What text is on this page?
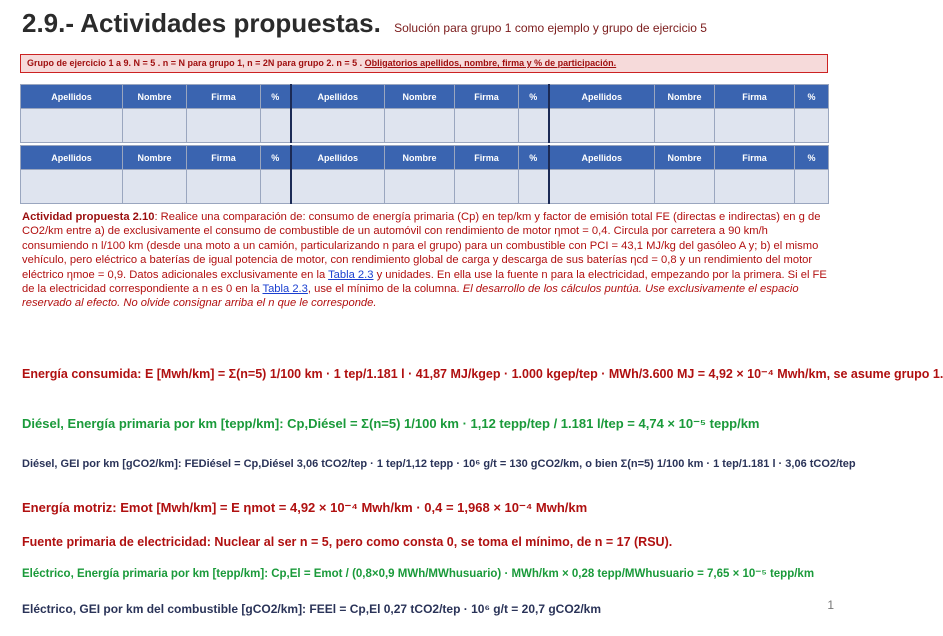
2.9.- Actividades propuestas. Solución para grupo 1 como ejemplo y grupo de ejercicio 5
Grupo de ejercicio 1 a 9. N = 5 . n = N para grupo 1, n = 2N para grupo 2. n = 5 . Obligatorios apellidos, nombre, firma y % de participación.
Apellidos	Nombre	Firma	%	Apellidos	Nombre	Firma	%	Apellidos	Nombre	Firma	%

Apellidos	Nombre	Firma	%	Apellidos	Nombre	Firma	%	Apellidos	Nombre	Firma	%

Actividad propuesta 2.10: Realice una comparación de: consumo de energía primaria (Cp) en tep/km y factor de emisión total FE (directas e indirectas) en g de CO2/km entre a) de exclusivamente el consumo de combustible de un automóvil con rendimiento de motor ηmot = 0,4. Circula por carretera a 90 km/h consumiendo n l/100 km (desde una moto a un camión, particularizando n para el grupo) para un combustible con PCI = 43,1 MJ/kg del gasóleo A y; b) el mismo vehículo, pero eléctrico a baterías de igual potencia de motor, con rendimiento global de carga y descarga de sus baterías ηcd = 0,8 y un rendimiento del motor eléctrico ηmoe = 0,9. Datos adicionales exclusivamente en la Tabla 2.3 y unidades. En ella use la fuente n para la electricidad, empezando por la primera. Si el FE de la electricidad correspondiente a n es 0 en la Tabla 2.3, use el mínimo de la columna. El desarrollo de los cálculos puntúa. Use exclusivamente el espacio reservado al efecto. No olvide consignar arriba el n que le corresponde.
Energía consumida: E [Mwh/km] = Σ(n=5) 1/100 km · 1 tep/1.181 l · 41,87 MJ/kgep · 1.000 kgep/tep · MWh/3.600 MJ = 4,92 × 10⁻⁴ Mwh/km, se asume grupo 1.
Diésel, Energía primaria por km [tepp/km]: Cp,Diésel = Σ(n=5) 1/100 km · 1,12 tepp/tep / 1.181 l/tep = 4,74 × 10⁻⁵ tepp/km
Diésel, GEI por km [gCO2/km]: FEDiésel = Cp,Diésel 3,06 tCO2/tep · 1 tep/1,12 tepp · 10⁶ g/t = 130 gCO2/km, o bien Σ(n=5) 1/100 km · 1 tep/1.181 l · 3,06 tCO2/tep
Energía motriz: Emot [Mwh/km] = E ηmot = 4,92 × 10⁻⁴ Mwh/km · 0,4 = 1,968 × 10⁻⁴ Mwh/km
Fuente primaria de electricidad: Nuclear al ser n = 5, pero como consta 0, se toma el mínimo, de n = 17 (RSU).
Eléctrico, Energía primaria por km [tepp/km]: Cp,El = Emot / (0,8×0,9 MWh/MWhusuario) · MWh/km × 0,28 tepp/MWhusuario = 7,65 × 10⁻⁵ tepp/km
Eléctrico, GEI por km del combustible [gCO2/km]: FEEl = Cp,El 0,27 tCO2/tep · 10⁶ g/t = 20,7 gCO2/km	1
